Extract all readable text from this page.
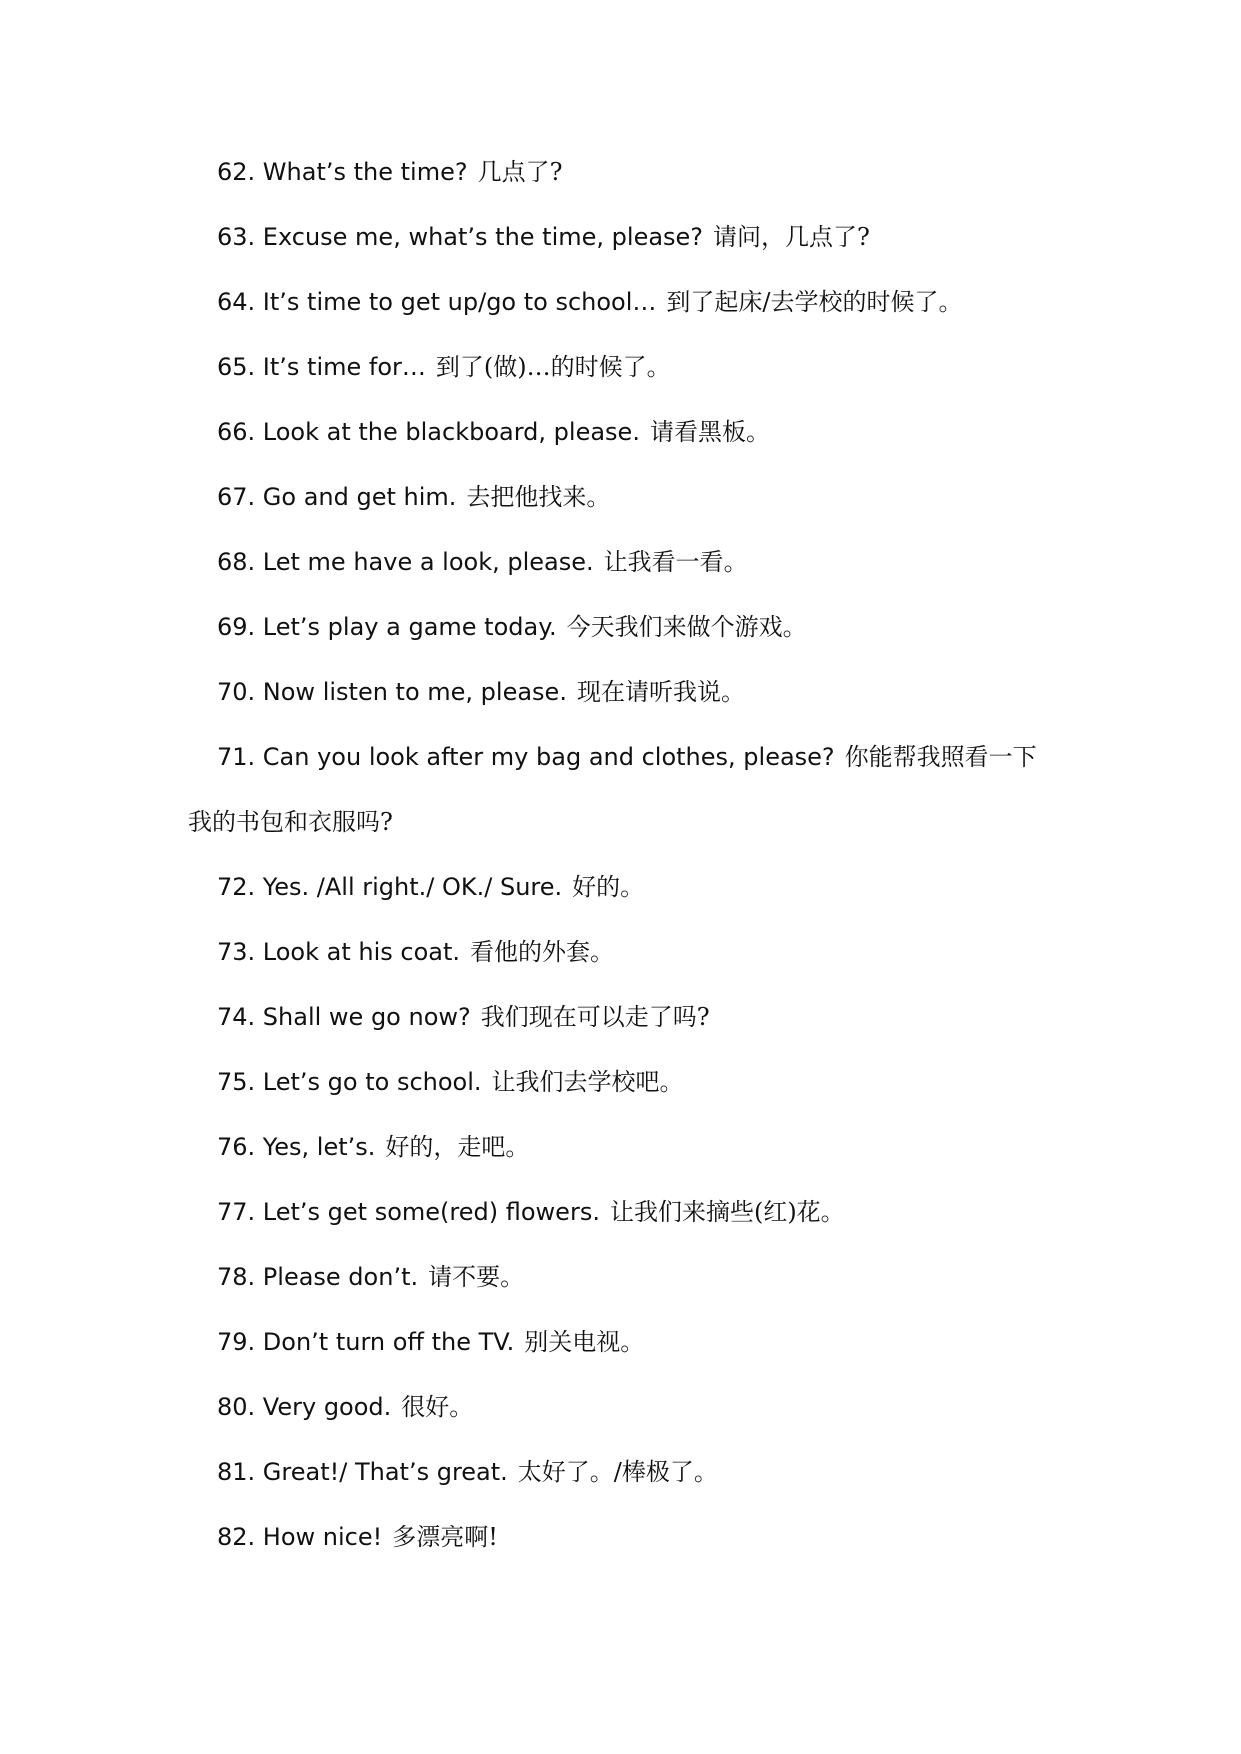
62. What’s the time? 几点了?
63. Excuse me, what’s the time, please? 请问，几点了?
64. It’s time to get up/go to school… 到了起床/去学校的时候了。
65. It’s time for… 到了(做)…的时候了。
66. Look at the blackboard, please. 请看黑板。
67. Go and get him. 去把他找来。
68. Let me have a look, please. 让我看一看。
69. Let’s play a game today. 今天我们来做个游戏。
70. Now listen to me, please. 现在请听我说。
71. Can you look after my bag and clothes, please? 你能帮我照看一下
我的书包和衣服吗?
72. Yes. /All right./ OK./ Sure. 好的。
73. Look at his coat. 看他的外套。
74. Shall we go now? 我们现在可以走了吗?
75. Let’s go to school. 让我们去学校吧。
76. Yes, let’s. 好的，走吧。
77. Let’s get some(red) flowers. 让我们来摘些(红)花。
78. Please don’t. 请不要。
79. Don’t turn off the TV. 别关电视。
80. Very good. 很好。
81. Great!/ That’s great. 太好了。/棒极了。
82. How nice! 多漂亮啊!
